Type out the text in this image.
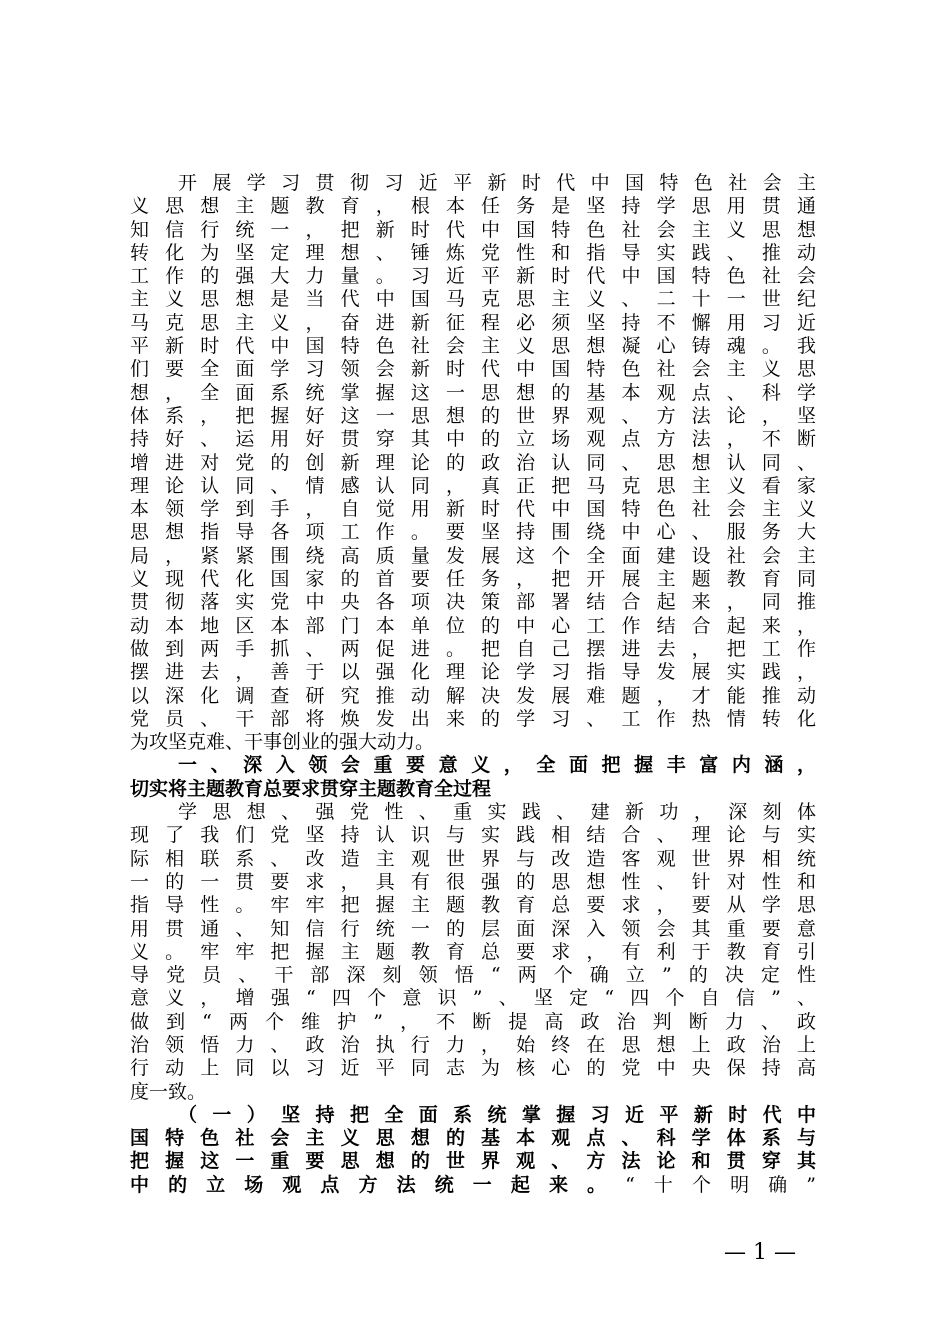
开展学习贯彻习近平新时代中国特色社会主
义思想主题教育，根本任务是坚持学思用贯通
知信行统一，把新时代中国特色社会主义思想
转化为坚定理想、锤炼党性和指导实践、推动
工作的强大力量。习近平新时代中国特色社会
主义思想是当代中国马克思主义、二十一世纪
马克思主义，奋进新征程必须坚持不懈用习近
平新时代中国特色社会主义思想凝心铸魂。我
们要全面学习领会新时代中国特色社会主义思
想，全面系统掌握这一思想的基本观点、科学
体系，把握好这一思想的世界观、方法论，坚
持好、运用好贯穿其中的立场观点方法，不断
增进对党的创新理论的政治认同、思想认同、
理论认同、情感认同，真正把马克思主义看家
本领学到手，自觉用新时代中国特色社会主义
思想指导各项工作。要坚持围绕中心、服务大
局，紧紧围绕高质量发展这个全面建设社会主
义现代化国家的首要任务，把开展主题教育同
贯彻落实党中央各项决策部署结合起来，同推
动本地区本部门本单位的中心工作结合起来，
做到两手抓、两促进。把自己摆进去，把工作
摆进去，善于以强化理论学习指导发展实践，
以深化调查研究推动解决发展难题，才能推动
党员、干部将焕发出来的学习、工作热情转化
为攻坚克难、干事创业的强大动力。
一、深入领会重要意义，全面把握丰富内涵，
切实将主题教育总要求贯穿主题教育全过程
学思想、强党性、重实践、建新功，深刻体
现了我们党坚持认识与实践相结合、理论与实
际相联系、改造主观世界与改造客观世界相统
一的一贯要求，具有很强的思想性、针对性和
指导性。牢牢把握主题教育总要求，要从学思
用贯通、知信行统一的层面深入领会其重要意
义。牢牢把握主题教育总要求，有利于教育引
导党员、干部深刻领悟“两个确立”的决定性
意义，增强“四个意识”、坚定“四个自信”、
做到“两个维护”，不断提高政治判断力、政
治领悟力、政治执行力，始终在思想上政治上
行动上同以习近平同志为核心的党中央保持高
度一致。
（一）坚持把全面系统掌握习近平新时代中
国特色社会主义思想的基本观点、科学体系与
把握这一重要思想的世界观、方法论和贯穿其
中的立场观点方法统一起来。“十个明确”
— 1 —
